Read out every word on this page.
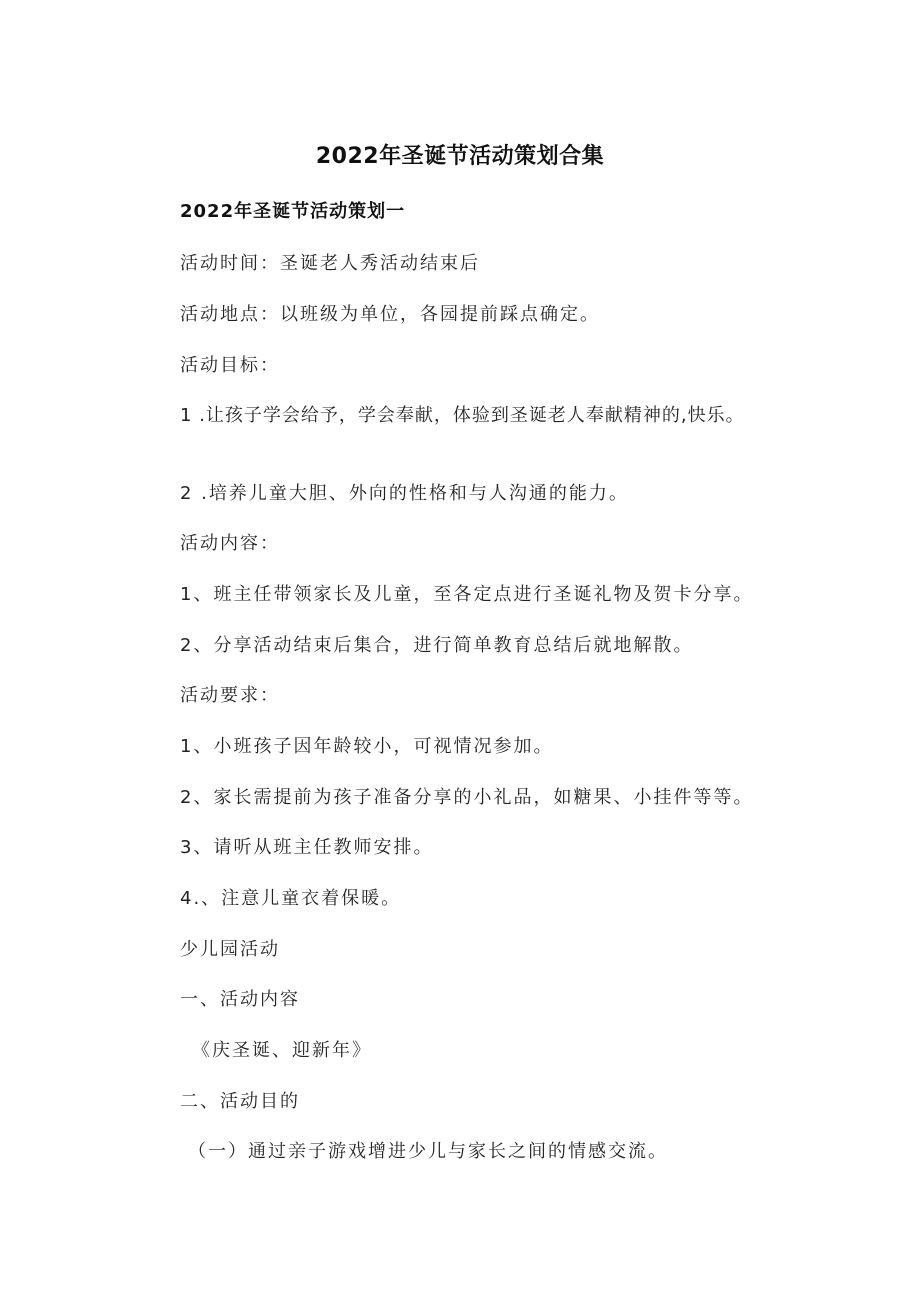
2022年圣诞节活动策划合集
2022年圣诞节活动策划一
活动时间：圣诞老人秀活动结束后
活动地点：以班级为单位，各园提前踩点确定。
活动目标：
1 .让孩子学会给予，学会奉献，体验到圣诞老人奉献精神的,快乐。
2 .培养儿童大胆、外向的性格和与人沟通的能力。
活动内容：
1、班主任带领家长及儿童，至各定点进行圣诞礼物及贺卡分享。
2、分享活动结束后集合，进行简单教育总结后就地解散。
活动要求：
1、小班孩子因年龄较小，可视情况参加。
2、家长需提前为孩子准备分享的小礼品，如糖果、小挂件等等。
3、请听从班主任教师安排。
4.、注意儿童衣着保暖。
少儿园活动
一、活动内容
《庆圣诞、迎新年》
二、活动目的
（一）通过亲子游戏增进少儿与家长之间的情感交流。
